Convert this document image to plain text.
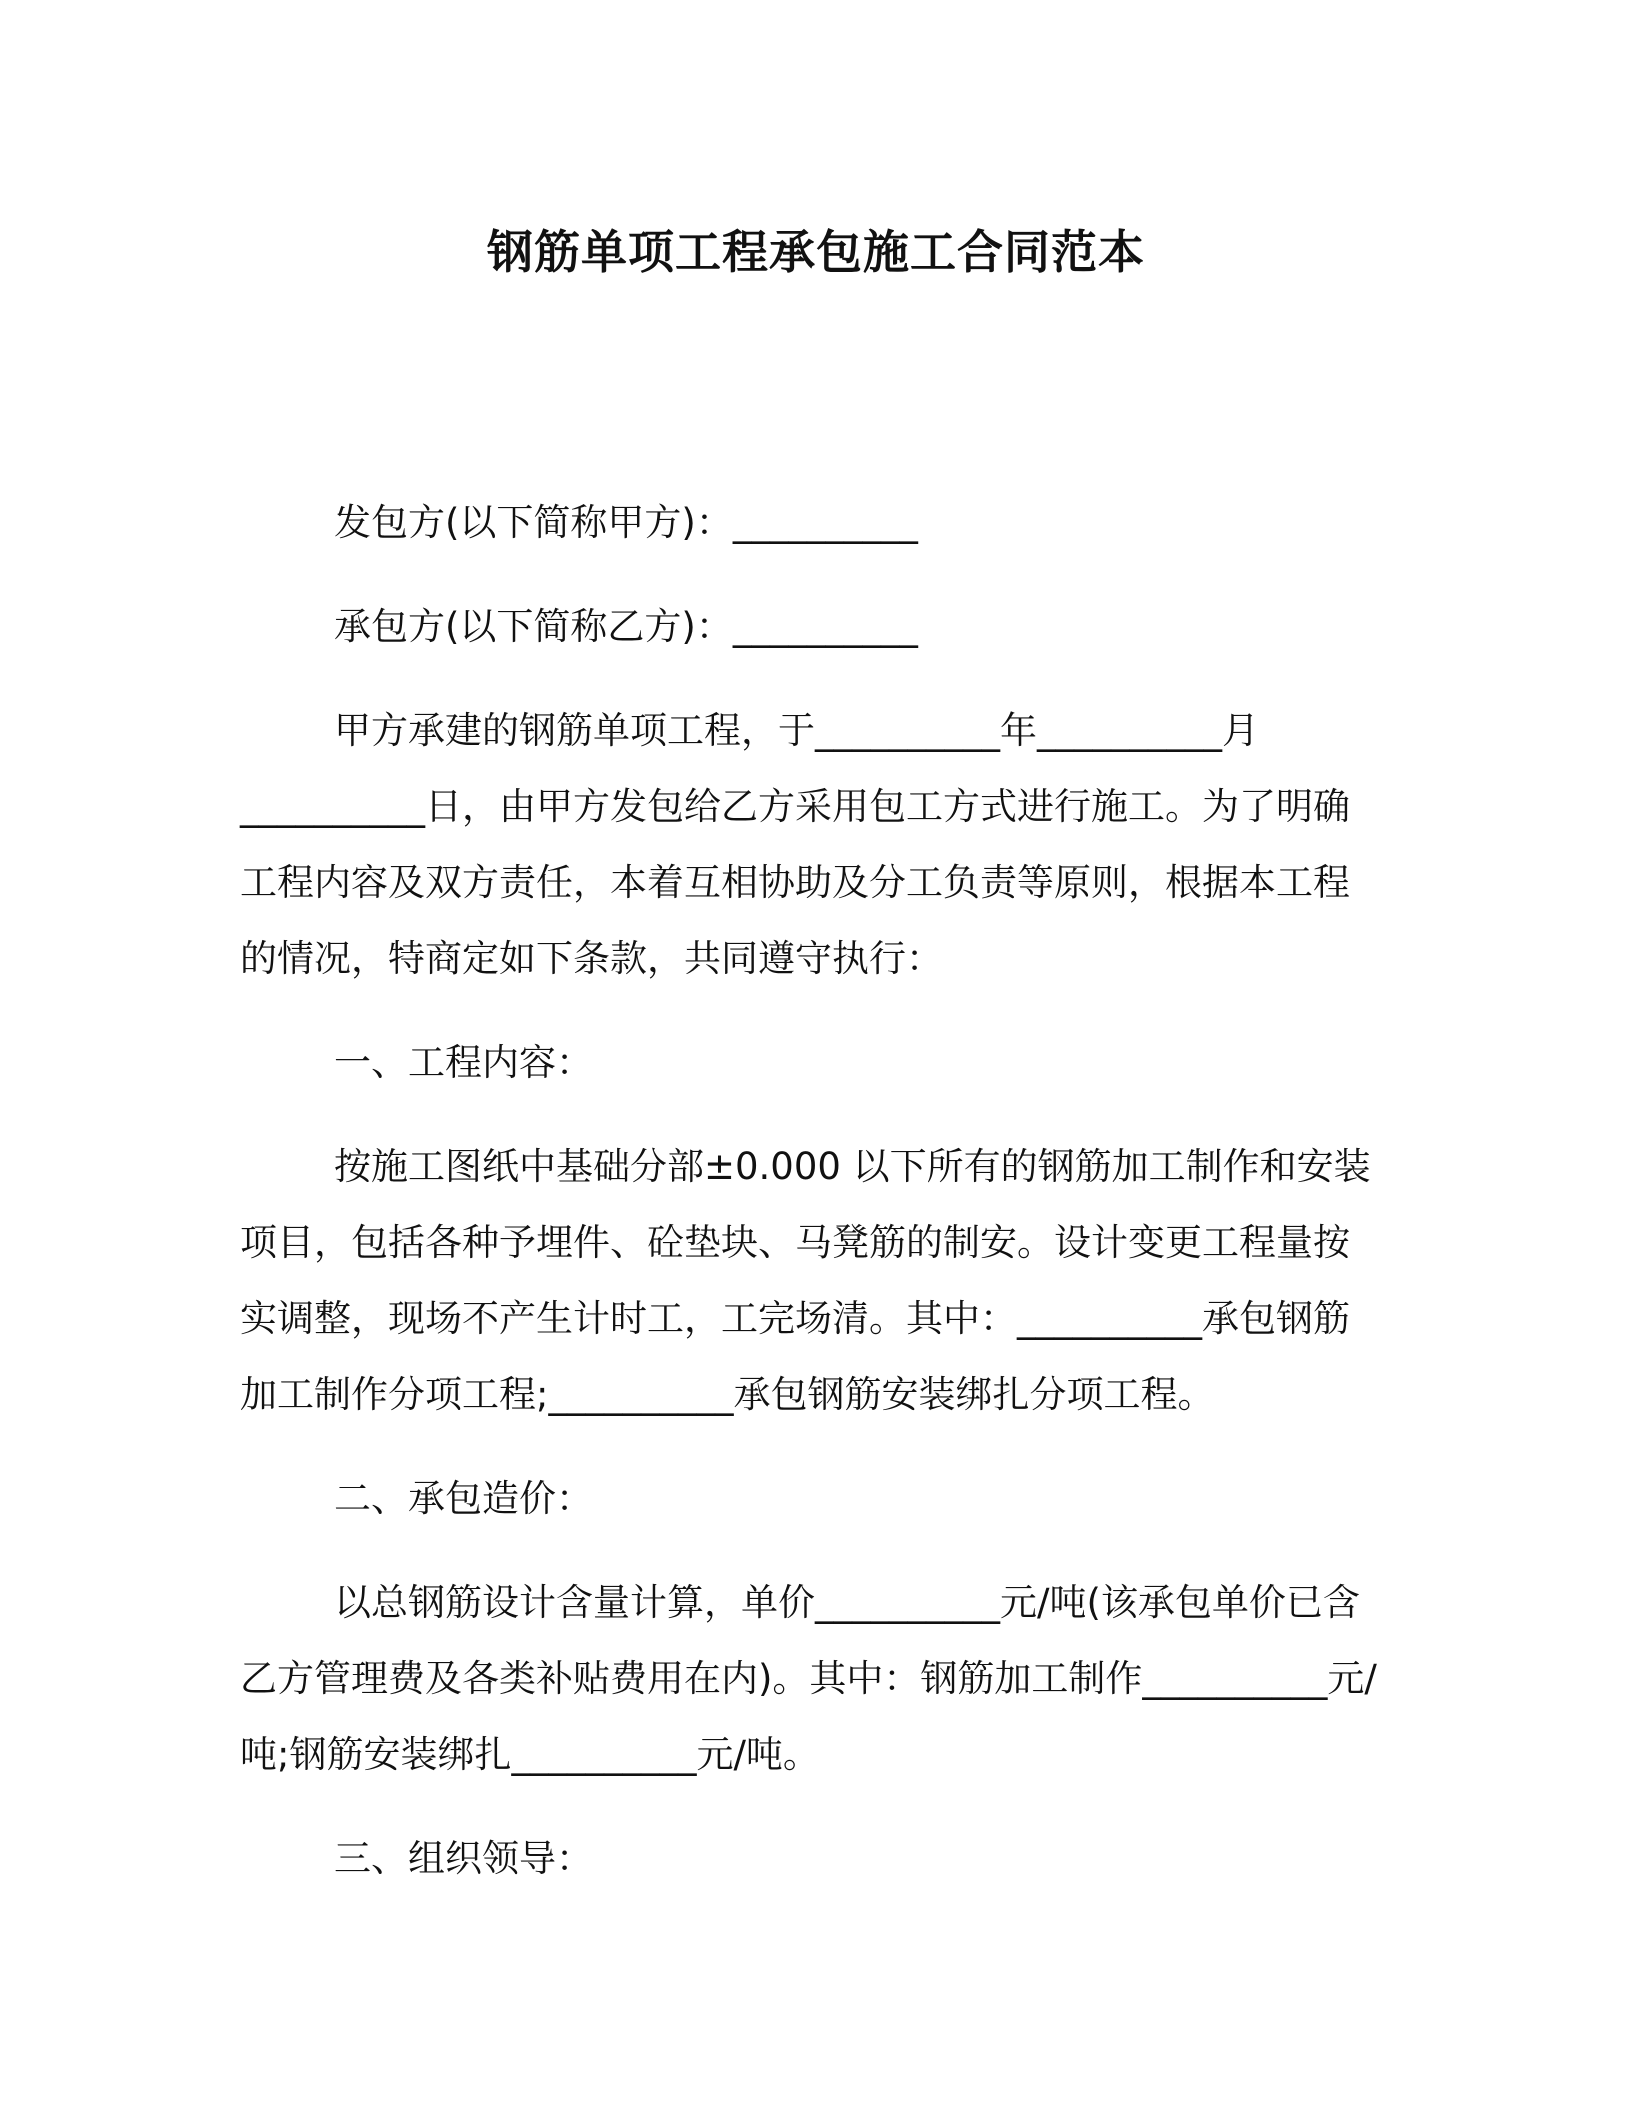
钢筋单项工程承包施工合同范本
发包方(以下简称甲方)：__________
承包方(以下简称乙方)：__________
甲方承建的钢筋单项工程，于__________年__________月
__________日，由甲方发包给乙方采用包工方式进行施工。为了明确
工程内容及双方责任，本着互相协助及分工负责等原则，根据本工程
的情况，特商定如下条款，共同遵守执行：
一、工程内容：
按施工图纸中基础分部±0.000 以下所有的钢筋加工制作和安装
项目，包括各种予埋件、砼垫块、马凳筋的制安。设计变更工程量按
实调整，现场不产生计时工，工完场清。其中：__________承包钢筋
加工制作分项工程;__________承包钢筋安装绑扎分项工程。
二、承包造价：
以总钢筋设计含量计算，单价__________元/吨(该承包单价已含
乙方管理费及各类补贴费用在内)。其中：钢筋加工制作__________元/
吨;钢筋安装绑扎__________元/吨。
三、组织领导：
